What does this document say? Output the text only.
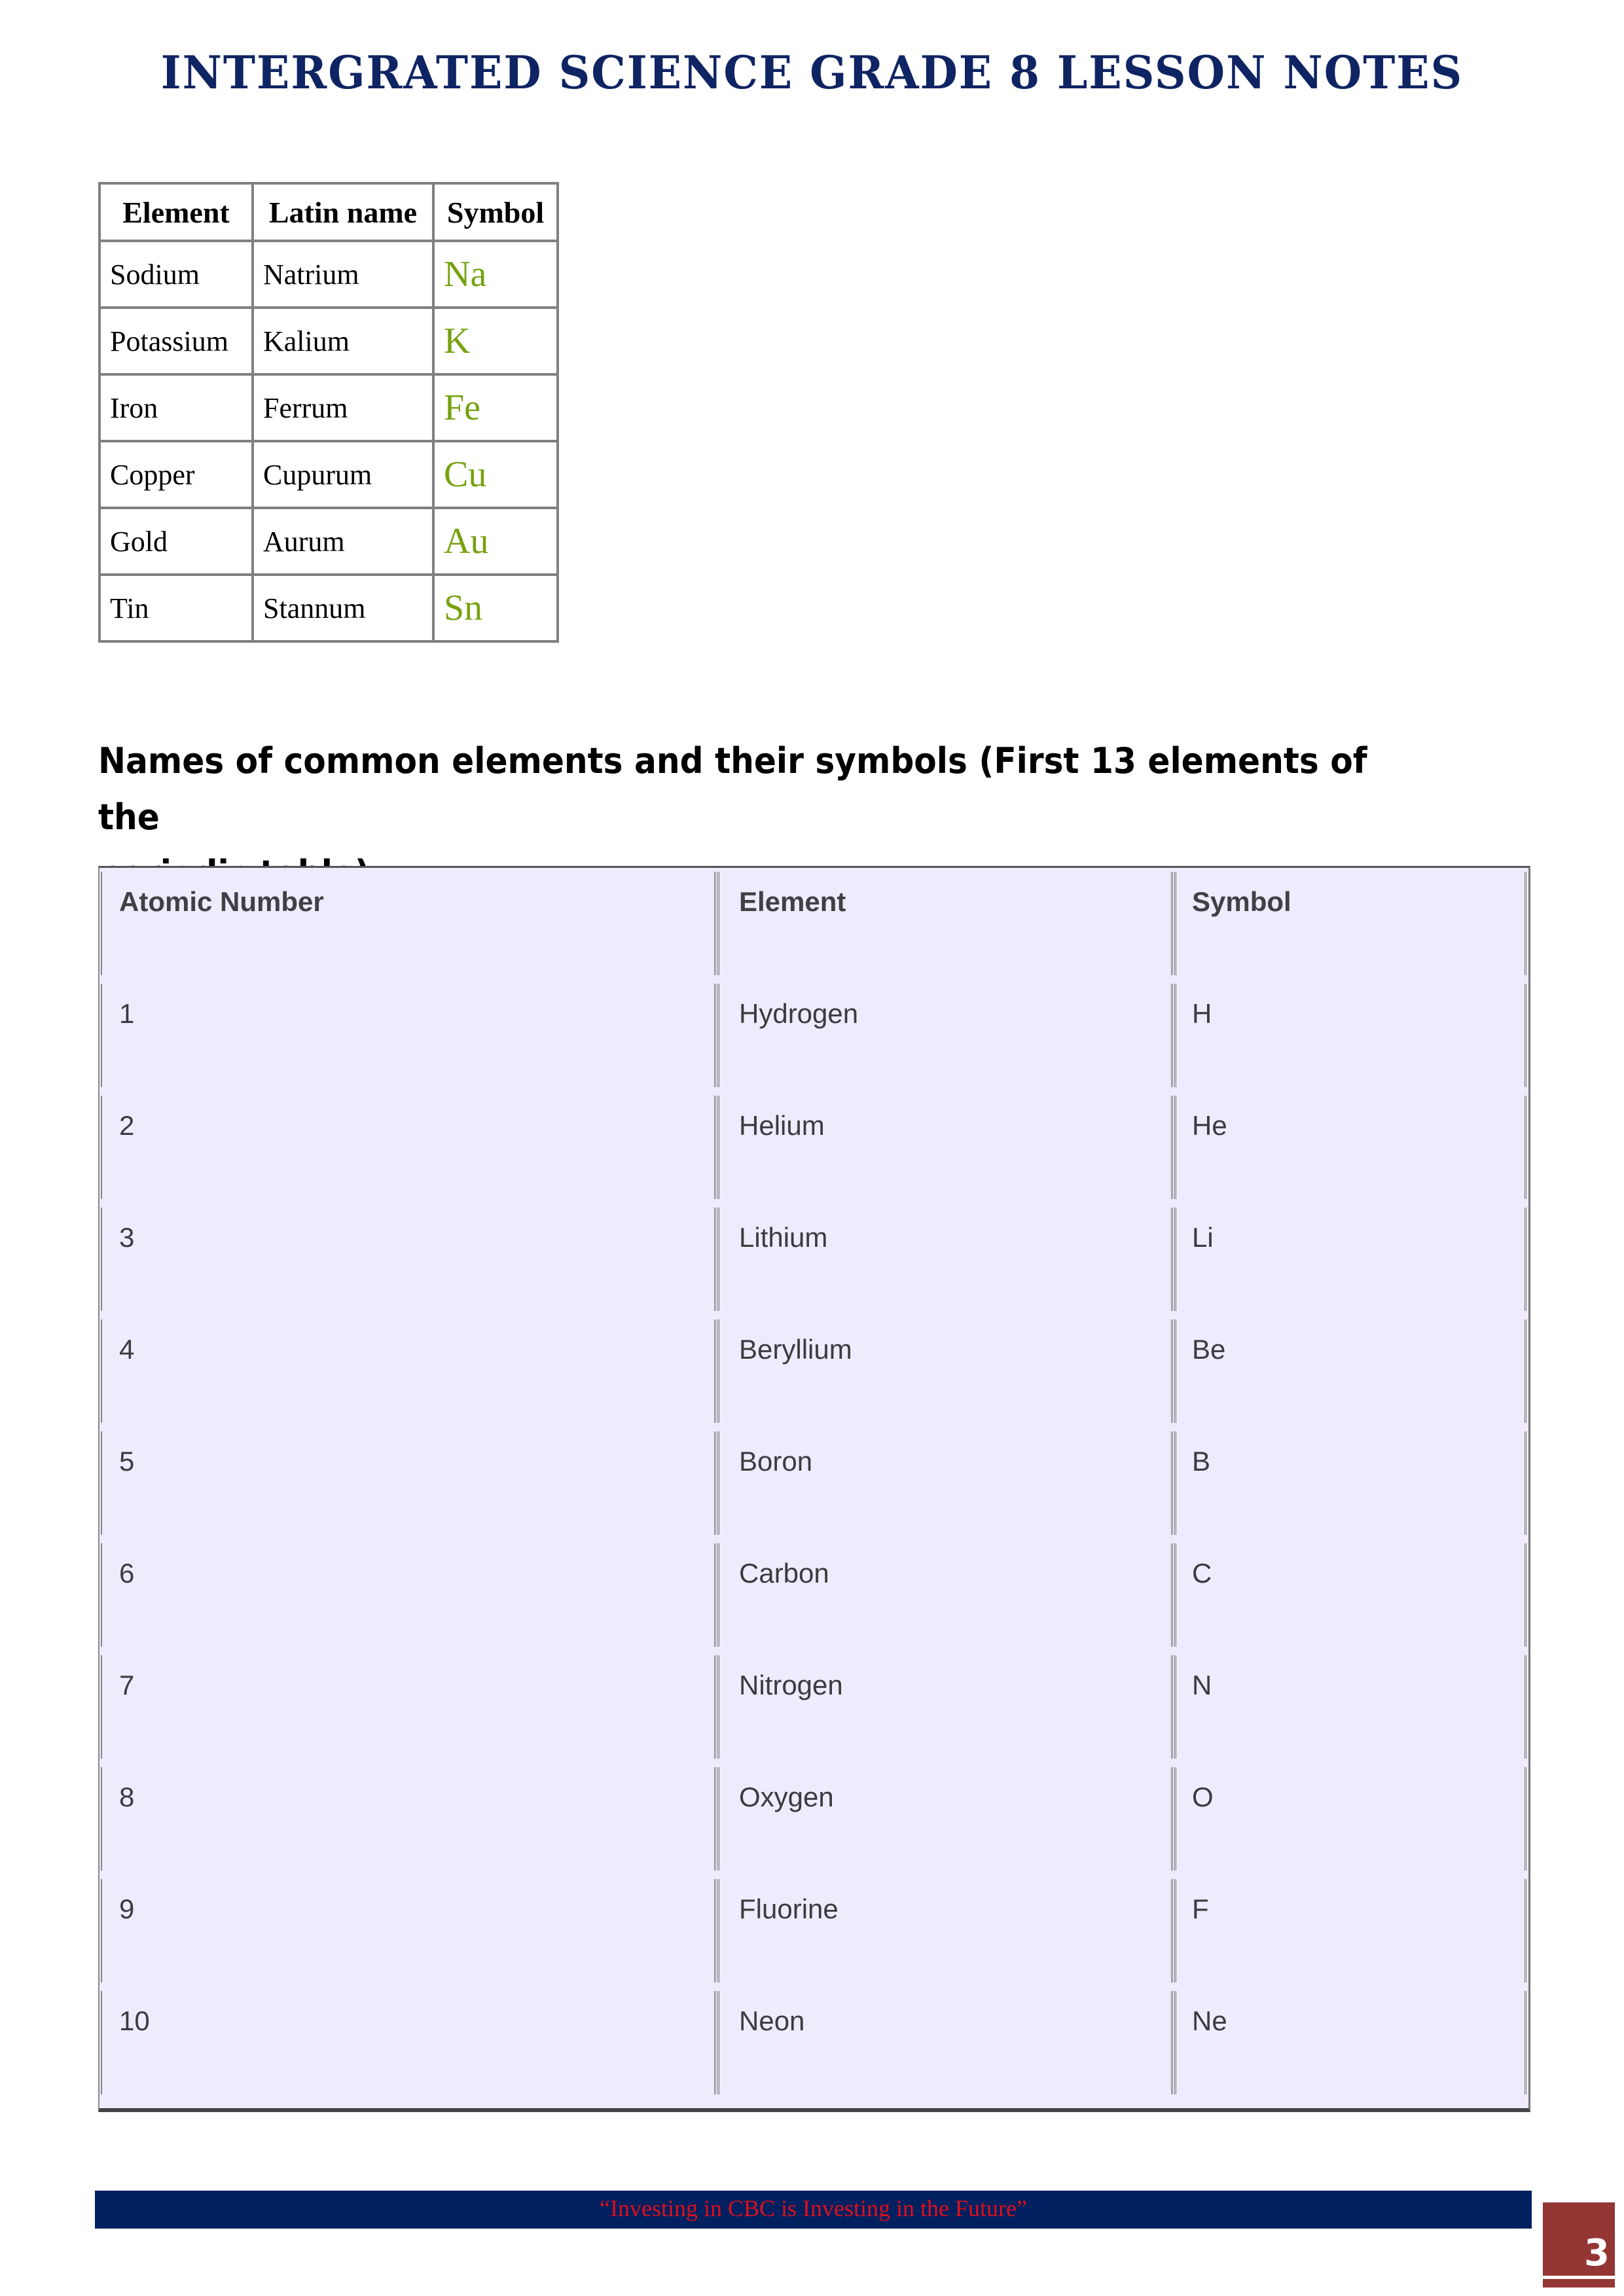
INTERGRATED SCIENCE GRADE 8 LESSON NOTES
Element	Latin name	Symbol
Sodium	Natrium	Na
Potassium	Kalium	K
Iron	Ferrum	Fe
Copper	Cupurum	Cu
Gold	Aurum	Au
Tin	Stannum	Sn
Names of common elements and their symbols (First 13 elements of the
Atomic Number	Element	Symbol
1	Hydrogen	H
2	Helium	He
3	Lithium	Li
4	Beryllium	Be
5	Boron	B
6	Carbon	C
7	Nitrogen	N
8	Oxygen	O
9	Fluorine	F
10	Neon	Ne
“Investing in CBC is Investing in the Future”
3
